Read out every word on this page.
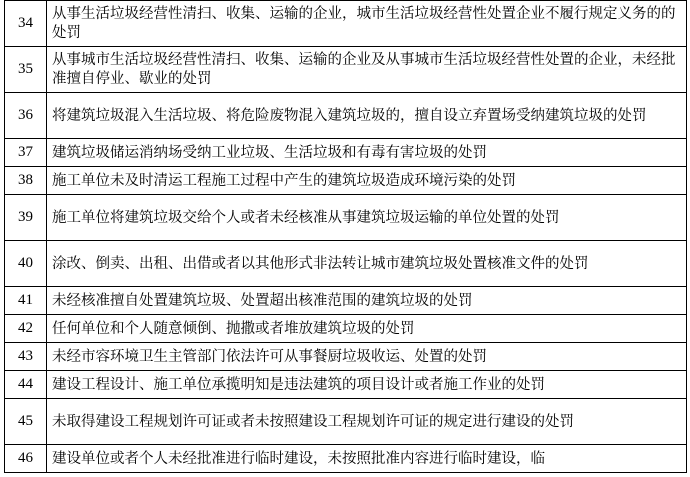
34	从事生活垃圾经营性清扫、收集、运输的企业，城市生活垃圾经营性处置企业不履行规定义务的的处罚
35	从事城市生活垃圾经营性清扫、收集、运输的企业及从事城市生活垃圾经营性处置的企业，未经批准擅自停业、歇业的处罚
36	将建筑垃圾混入生活垃圾、将危险废物混入建筑垃圾的，擅自设立弃置场受纳建筑垃圾的处罚
37	建筑垃圾储运消纳场受纳工业垃圾、生活垃圾和有毒有害垃圾的处罚
38	施工单位未及时清运工程施工过程中产生的建筑垃圾造成环境污染的处罚
39	施工单位将建筑垃圾交给个人或者未经核准从事建筑垃圾运输的单位处置的处罚
40	涂改、倒卖、出租、出借或者以其他形式非法转让城市建筑垃圾处置核准文件的处罚
41	未经核准擅自处置建筑垃圾、处置超出核准范围的建筑垃圾的处罚
42	任何单位和个人随意倾倒、抛撒或者堆放建筑垃圾的处罚
43	未经市容环境卫生主管部门依法许可从事餐厨垃圾收运、处置的处罚
44	建设工程设计、施工单位承揽明知是违法建筑的项目设计或者施工作业的处罚
45	未取得建设工程规划许可证或者未按照建设工程规划许可证的规定进行建设的处罚
46	建设单位或者个人未经批准进行临时建设，未按照批准内容进行临时建设，临
